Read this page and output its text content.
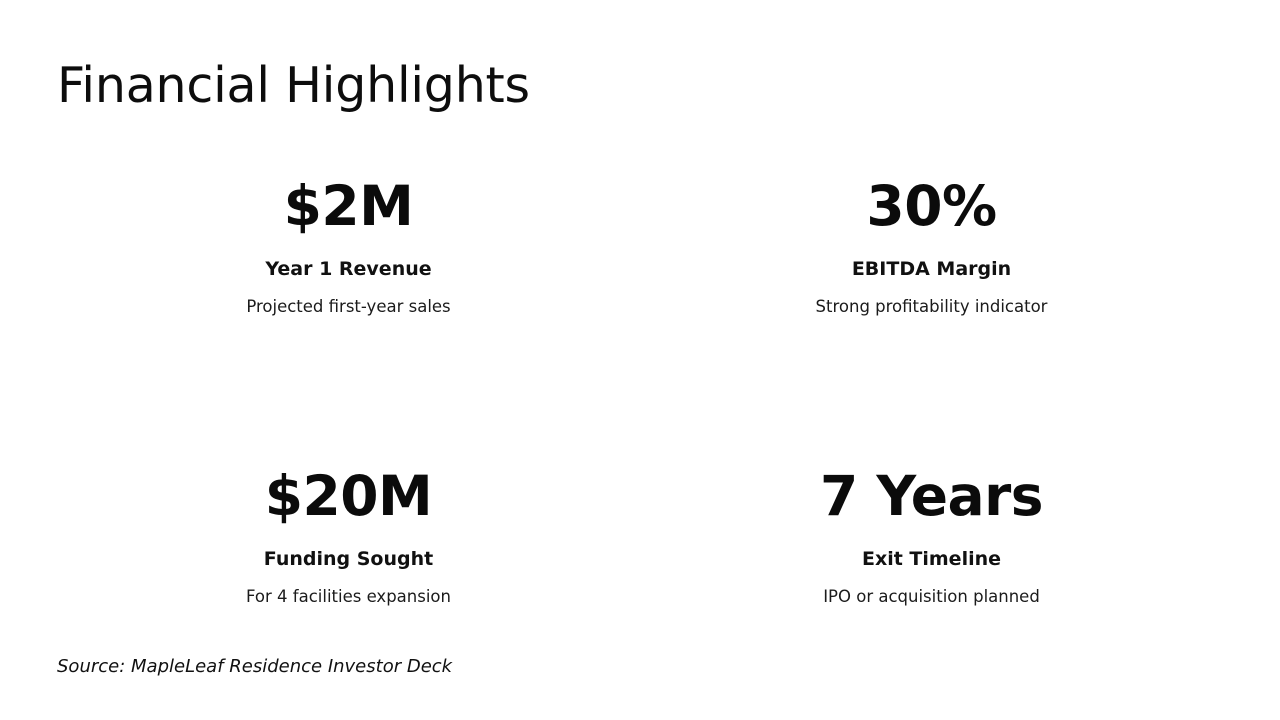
Financial Highlights
$2M
Year 1 Revenue
Projected first-year sales
30%
EBITDA Margin
Strong profitability indicator
$20M
Funding Sought
For 4 facilities expansion
7 Years
Exit Timeline
IPO or acquisition planned
Source: MapleLeaf Residence Investor Deck
